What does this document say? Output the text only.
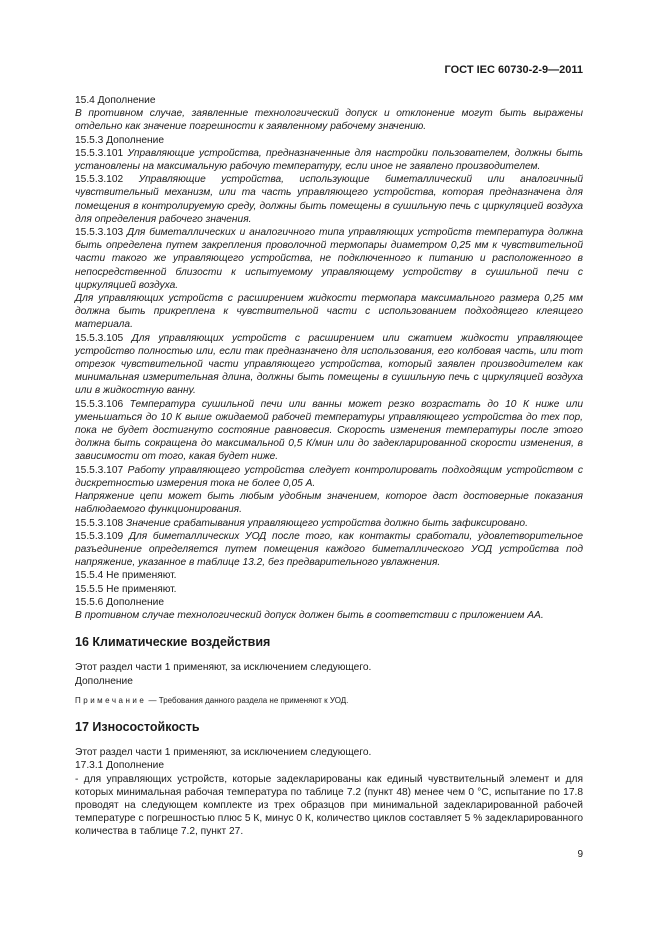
ГОСТ IEC 60730-2-9—2011

15.4 Дополнение

В противном случае, заявленные технологический допуск и отклонение могут быть выражены отдельно как значение погрешности к заявленному рабочему значению.

15.5.3 Дополнение

15.5.3.101 Управляющие устройства, предназначенные для настройки пользователем, должны быть установлены на максимальную рабочую температуру, если иное не заявлено производителем.

15.5.3.102 Управляющие устройства, использующие биметаллический или аналогичный чувствительный механизм, или та часть управляющего устройства, которая предназначена для помещения в контролируемую среду, должны быть помещены в сушильную печь с циркуляцией воздуха для определения рабочего значения.

15.5.3.103 Для биметаллических и аналогичного типа управляющих устройств температура должна быть определена путем закрепления проволочной термопары диаметром 0,25 мм к чувствительной части такого же управляющего устройства, не подключенного к питанию и расположенного в непосредственной близости к испытуемому управляющему устройству в сушильной печи с циркуляцией воздуха.

Для управляющих устройств с расширением жидкости термопара максимального размера 0,25 мм должна быть прикреплена к чувствительной части с использованием подходящего клеящего материала.

15.5.3.105 Для управляющих устройств с расширением или сжатием жидкости управляющее устройство полностью или, если так предназначено для использования, его колбовая часть, или тот отрезок чувствительной части управляющего устройства, который заявлен производителем как минимальная измерительная длина, должны быть помещены в сушильную печь с циркуляцией воздуха или в жидкостную ванну.

15.5.3.106 Температура сушильной печи или ванны может резко возрастать до 10 К ниже или уменьшаться до 10 К выше ожидаемой рабочей температуры управляющего устройства до тех пор, пока не будет достигнуто состояние равновесия. Скорость изменения температуры после этого должна быть сокращена до максимальной 0,5 К/мин или до задекларированной скорости изменения, в зависимости от того, какая будет ниже.

15.5.3.107 Работу управляющего устройства следует контролировать подходящим устройством с дискретностью измерения тока не более 0,05 А.

Напряжение цепи может быть любым удобным значением, которое даст достоверные показания наблюдаемого функционирования.

15.5.3.108 Значение срабатывания управляющего устройства должно быть зафиксировано.

15.5.3.109 Для биметаллических УОД после того, как контакты сработали, удовлетворительное разъединение определяется путем помещения каждого биметаллического УОД устройства под напряжение, указанное в таблице 13.2, без предварительного увлажнения.

15.5.4 Не применяют.

15.5.5 Не применяют.

15.5.6 Дополнение

В противном случае технологический допуск должен быть в соответствии с приложением АА.

16 Климатические воздействия

Этот раздел части 1 применяют, за исключением следующего.

Дополнение

Примечание — Требования данного раздела не применяют к УОД.

17 Износостойкость

Этот раздел части 1 применяют, за исключением следующего.

17.3.1 Дополнение

- для управляющих устройств, которые задекларированы как единый чувствительный элемент и для которых минимальная рабочая температура по таблице 7.2 (пункт 48) менее чем 0 °С, испытание по 17.8 проводят на следующем комплекте из трех образцов при минимальной задекларированной рабочей температуре с погрешностью плюс 5 К, минус 0 К, количество циклов составляет 5 % задекларированного количества в таблице 7.2, пункт 27.

9
